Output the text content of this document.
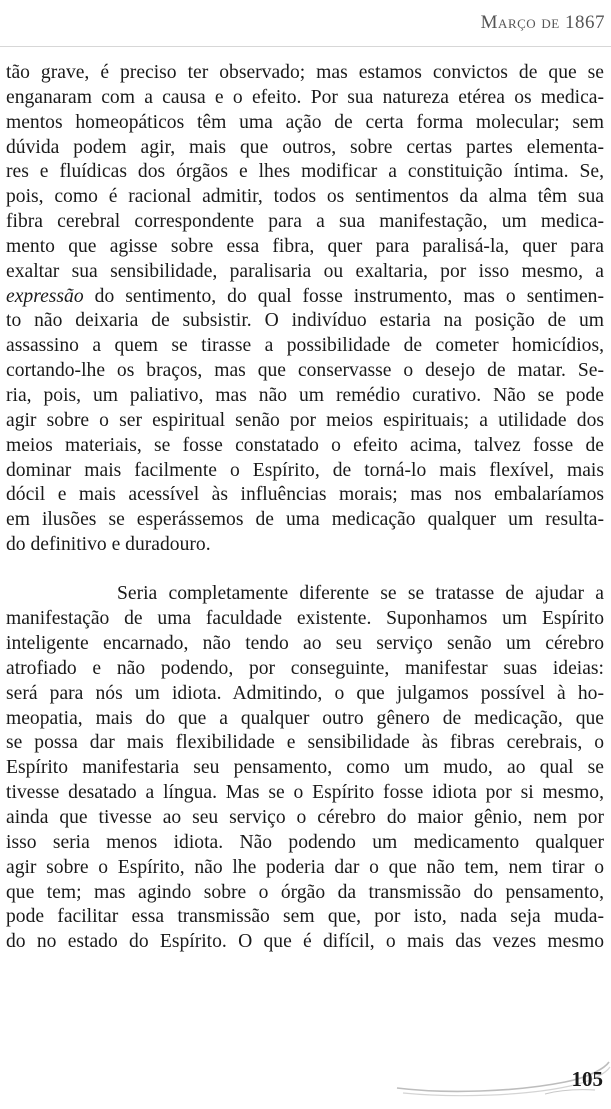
Março de 1867

tão grave, é preciso ter observado; mas estamos convictos de que se
enganaram com a causa e o efeito. Por sua natureza etérea os medica-
mentos homeopáticos têm uma ação de certa forma molecular; sem
dúvida podem agir, mais que outros, sobre certas partes elementa-
res e fluídicas dos órgãos e lhes modificar a constituição íntima. Se,
pois, como é racional admitir, todos os sentimentos da alma têm sua
fibra cerebral correspondente para a sua manifestação, um medica-
mento que agisse sobre essa fibra, quer para paralisá-la, quer para
exaltar sua sensibilidade, paralisaria ou exaltaria, por isso mesmo, a
expressão do sentimento, do qual fosse instrumento, mas o sentimen-
to não deixaria de subsistir. O indivíduo estaria na posição de um
assassino a quem se tirasse a possibilidade de cometer homicídios,
cortando-lhe os braços, mas que conservasse o desejo de matar. Se-
ria, pois, um paliativo, mas não um remédio curativo. Não se pode
agir sobre o ser espiritual senão por meios espirituais; a utilidade dos
meios materiais, se fosse constatado o efeito acima, talvez fosse de
dominar mais facilmente o Espírito, de torná-lo mais flexível, mais
dócil e mais acessível às influências morais; mas nos embalaríamos
em ilusões se esperássemos de uma medicação qualquer um resulta-
do definitivo e duradouro.

Seria completamente diferente se se tratasse de ajudar a
manifestação de uma faculdade existente. Suponhamos um Espírito
inteligente encarnado, não tendo ao seu serviço senão um cérebro
atrofiado e não podendo, por conseguinte, manifestar suas ideias:
será para nós um idiota. Admitindo, o que julgamos possível à ho-
meopatia, mais do que a qualquer outro gênero de medicação, que
se possa dar mais flexibilidade e sensibilidade às fibras cerebrais, o
Espírito manifestaria seu pensamento, como um mudo, ao qual se
tivesse desatado a língua. Mas se o Espírito fosse idiota por si mesmo,
ainda que tivesse ao seu serviço o cérebro do maior gênio, nem por
isso seria menos idiota. Não podendo um medicamento qualquer
agir sobre o Espírito, não lhe poderia dar o que não tem, nem tirar o
que tem; mas agindo sobre o órgão da transmissão do pensamento,
pode facilitar essa transmissão sem que, por isto, nada seja muda-
do no estado do Espírito. O que é difícil, o mais das vezes mesmo

105
